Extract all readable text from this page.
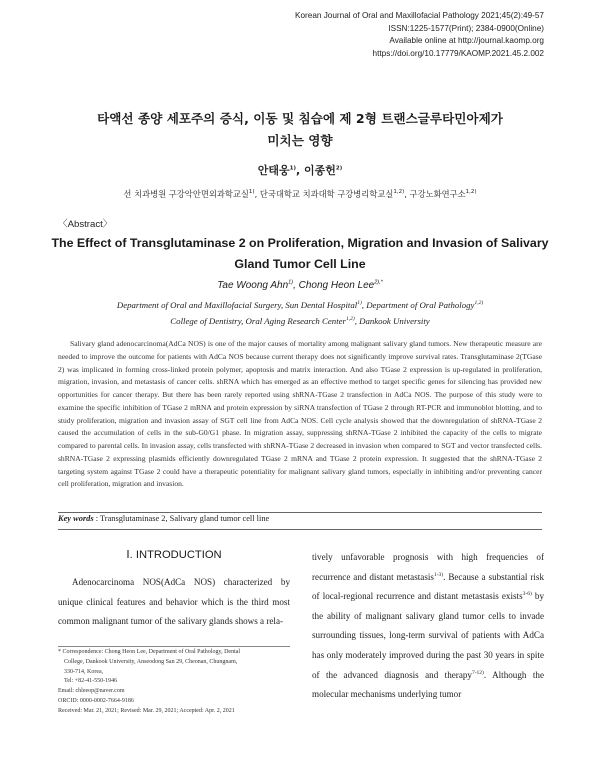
Korean Journal of Oral and Maxillofacial Pathology 2021;45(2):49-57
ISSN:1225-1577(Print); 2384-0900(Online)
Available online at http://journal.kaomp.org
https://doi.org/10.17779/KAOMP.2021.45.2.002
타액선 종양 세포주의 증식, 이동 및 침습에 제 2형 트랜스글루타민아제가
미치는 영향
안태웅$^{1)}$, 이종헌$^{2)}$
선 치과병원 구강악안면외과학교실$^{1)}$, 단국대학교 치과대학 구강병리학교실$^{1,2)}$, 구강노화연구소$^{1,2)}$
〈Abstract〉
The Effect of Transglutaminase 2 on Proliferation, Migration and Invasion of Salivary
Gland Tumor Cell Line
Tae Woong Ahn$^{1)}$, Chong Heon Lee$^{2),*}$
Department of Oral and Maxillofacial Surgery, Sun Dental Hospital$^{1)}$, Department of Oral Pathology$^{1,2)}$
College of Dentistry, Oral Aging Research Center$^{1,2)}$, Dankook University
Salivary gland adenocarcinoma(AdCa NOS) is one of the major causes of mortality among malignant salivary gland tumors. New therapeutic measure are needed to improve the outcome for patients with AdCa NOS because current therapy does not significantly improve survival rates. Transglutaminase 2(TGase 2) was implicated in forming cross-linked protein polymer, apoptosis and matrix interaction. And also TGase 2 expression is up-regulated in proliferation, migration, invasion, and metastasis of cancer cells. shRNA which has emerged as an effective method to target specific genes for silencing has provided new opportunities for cancer therapy. But there has been rarely reported using shRNA-TGase 2 transfection in AdCa NOS. The purpose of this study were to examine the specific inhibition of TGase 2 mRNA and protein expression by siRNA transfection of TGase 2 through RT-PCR and immunoblot blotting, and to study proliferation, migration and invasion assay of SGT cell line from AdCa NOS. Cell cycle analysis showed that the downregulation of shRNA-TGase 2 caused the accumulation of cells in the sub-G0/G1 phase. In migration assay, suppressing shRNA-TGase 2 inhibited the capacity of the cells to migrate compared to parental cells. In invasion assay, cells transfected with shRNA-TGase 2 decreased in invasion when compared to SGT and vector transfected cells. shRNA-TGase 2 expressing plasmids efficiently downregulated TGase 2 mRNA and TGase 2 protein expression. It suggested that the shRNA-TGase 2 targeting system against TGase 2 could have a therapeutic potentiality for malignant salivary gland tumors, especially in inhibiting and/or preventing cancer cell proliferation, migration and invasion.
Key words : Transglutaminase 2, Salivary gland tumor cell line
Ⅰ. INTRODUCTION

Adenocarcinoma NOS(AdCa NOS) characterized by unique clinical features and behavior which is the third most common malignant tumor of the salivary glands shows a rela-

* Correspondence: Chong Heon Lee, Department of Oral Pathology, Dental
College, Dankook University, Anseodong San 29, Cheonan, Chungnam,
330-714, Korea,
Tel: +82-41-550-1946
Email: chleeop@naver.com
ORCID: 0000-0002-7664-9186
Received: Mar. 21, 2021; Revised: Mar. 29, 2021; Accepted: Apr. 2, 2021

tively unfavorable prognosis with high frequencies of recurrence and distant metastasis$^{1-3)}$. Because a substantial risk of local-regional recurrence and distant metastasis exists$^{3-6)}$ by the ability of malignant salivary gland tumor cells to invade surrounding tissues, long-term survival of patients with AdCa has only moderately improved during the past 30 years in spite of the advanced diagnosis and therapy$^{7-12)}$. Although the molecular mechanisms underlying tumor
